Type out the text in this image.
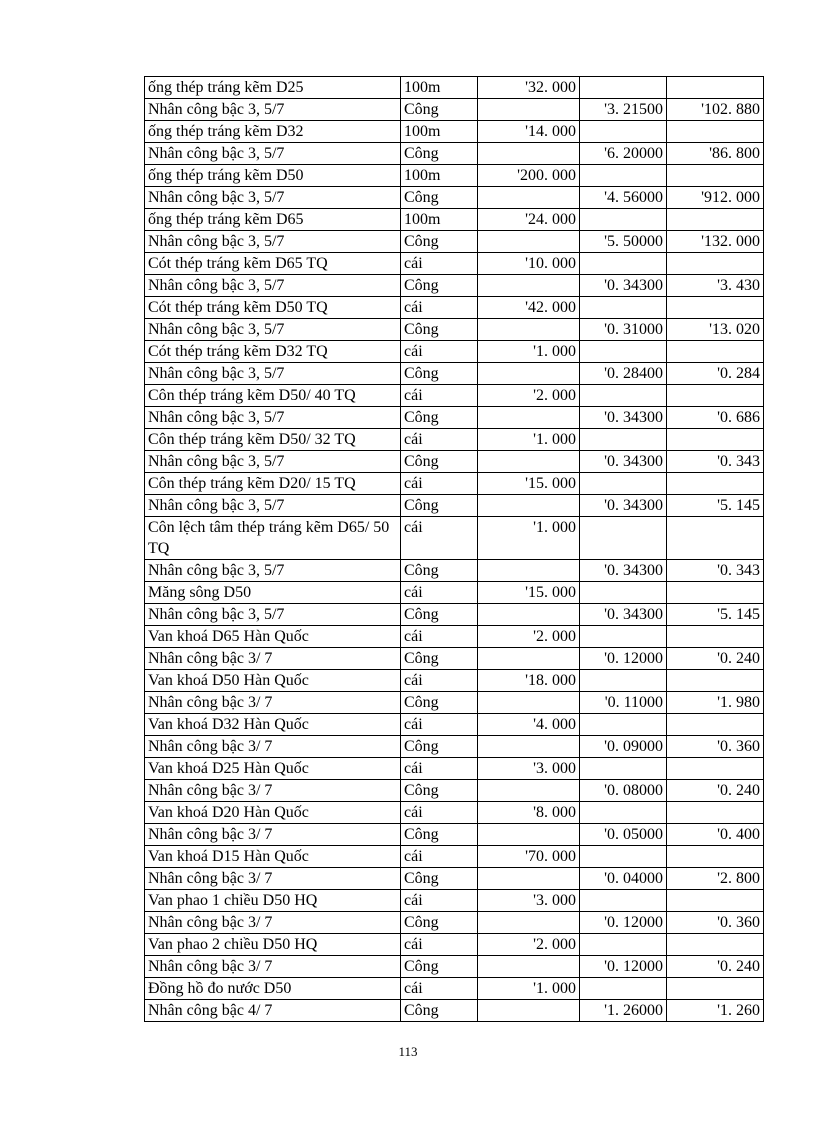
ống thép tráng kẽm D25	100m	'32. 000		
Nhân công bậc 3, 5/7	Công		'3. 21500	'102. 880
ống thép tráng kẽm D32	100m	'14. 000		
Nhân công bậc 3, 5/7	Công		'6. 20000	'86. 800
ống thép tráng kẽm D50	100m	'200. 000		
Nhân công bậc 3, 5/7	Công		'4. 56000	'912. 000
ống thép tráng kẽm D65	100m	'24. 000		
Nhân công bậc 3, 5/7	Công		'5. 50000	'132. 000
Cót thép tráng kẽm D65 TQ	cái	'10. 000		
Nhân công bậc 3, 5/7	Công		'0. 34300	'3. 430
Cót thép tráng kẽm D50 TQ	cái	'42. 000		
Nhân công bậc 3, 5/7	Công		'0. 31000	'13. 020
Cót thép tráng kẽm D32 TQ	cái	'1. 000		
Nhân công bậc 3, 5/7	Công		'0. 28400	'0. 284
Côn thép tráng kẽm D50/ 40 TQ	cái	'2. 000		
Nhân công bậc 3, 5/7	Công		'0. 34300	'0. 686
Côn thép tráng kẽm D50/ 32 TQ	cái	'1. 000		
Nhân công bậc 3, 5/7	Công		'0. 34300	'0. 343
Côn thép tráng kẽm D20/ 15 TQ	cái	'15. 000		
Nhân công bậc 3, 5/7	Công		'0. 34300	'5. 145
Côn lệch tâm thép tráng kẽm D65/ 50 TQ	cái	'1. 000		
Nhân công bậc 3, 5/7	Công		'0. 34300	'0. 343
Măng sông D50	cái	'15. 000		
Nhân công bậc 3, 5/7	Công		'0. 34300	'5. 145
Van khoá D65 Hàn Quốc	cái	'2. 000		
Nhân công bậc 3/ 7	Công		'0. 12000	'0. 240
Van khoá D50 Hàn Quốc	cái	'18. 000		
Nhân công bậc 3/ 7	Công		'0. 11000	'1. 980
Van khoá D32 Hàn Quốc	cái	'4. 000		
Nhân công bậc 3/ 7	Công		'0. 09000	'0. 360
Van khoá D25 Hàn Quốc	cái	'3. 000		
Nhân công bậc 3/ 7	Công		'0. 08000	'0. 240
Van khoá D20 Hàn Quốc	cái	'8. 000		
Nhân công bậc 3/ 7	Công		'0. 05000	'0. 400
Van khoá D15 Hàn Quốc	cái	'70. 000		
Nhân công bậc 3/ 7	Công		'0. 04000	'2. 800
Van phao 1 chiều D50 HQ	cái	'3. 000		
Nhân công bậc 3/ 7	Công		'0. 12000	'0. 360
Van phao 2 chiều D50 HQ	cái	'2. 000		
Nhân công bậc 3/ 7	Công		'0. 12000	'0. 240
Đồng hồ đo nước D50	cái	'1. 000		
Nhân công bậc 4/ 7	Công		'1. 26000	'1. 260
113
